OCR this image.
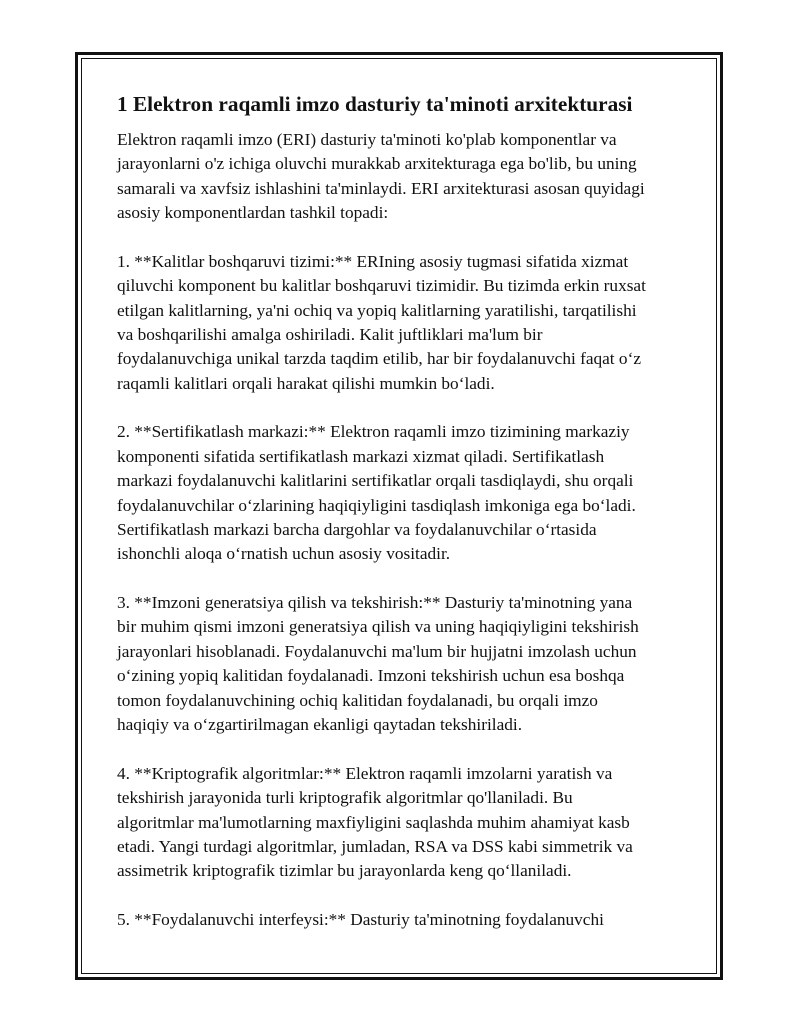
1 Elektron raqamli imzo dasturiy ta'minoti arxitekturasi
Elektron raqamli imzo (ERI) dasturiy ta'minoti ko'plab komponentlar va
jarayonlarni o'z ichiga oluvchi murakkab arxitekturaga ega bo'lib, bu uning
samarali va xavfsiz ishlashini ta'minlaydi. ERI arxitekturasi asosan quyidagi
asosiy komponentlardan tashkil topadi:
1. **Kalitlar boshqaruvi tizimi:** ERIning asosiy tugmasi sifatida xizmat
qiluvchi komponent bu kalitlar boshqaruvi tizimidir. Bu tizimda erkin ruxsat
etilgan kalitlarning, ya'ni ochiq va yopiq kalitlarning yaratilishi, tarqatilishi
va boshqarilishi amalga oshiriladi. Kalit juftliklari ma'lum bir
foydalanuvchiga unikal tarzda taqdim etilib, har bir foydalanuvchi faqat o‘z
raqamli kalitlari orqali harakat qilishi mumkin bo‘ladi.
2. **Sertifikatlash markazi:** Elektron raqamli imzo tizimining markaziy
komponenti sifatida sertifikatlash markazi xizmat qiladi. Sertifikatlash
markazi foydalanuvchi kalitlarini sertifikatlar orqali tasdiqlaydi, shu orqali
foydalanuvchilar o‘zlarining haqiqiyligini tasdiqlash imkoniga ega bo‘ladi.
Sertifikatlash markazi barcha dargohlar va foydalanuvchilar o‘rtasida
ishonchli aloqa o‘rnatish uchun asosiy vositadir.
3. **Imzoni generatsiya qilish va tekshirish:** Dasturiy ta'minotning yana
bir muhim qismi imzoni generatsiya qilish va uning haqiqiyligini tekshirish
jarayonlari hisoblanadi. Foydalanuvchi ma'lum bir hujjatni imzolash uchun
o‘zining yopiq kalitidan foydalanadi. Imzoni tekshirish uchun esa boshqa
tomon foydalanuvchining ochiq kalitidan foydalanadi, bu orqali imzo
haqiqiy va o‘zgartirilmagan ekanligi qaytadan tekshiriladi.
4. **Kriptografik algoritmlar:** Elektron raqamli imzolarni yaratish va
tekshirish jarayonida turli kriptografik algoritmlar qo'llaniladi. Bu
algoritmlar ma'lumotlarning maxfiyligini saqlashda muhim ahamiyat kasb
etadi. Yangi turdagi algoritmlar, jumladan, RSA va DSS kabi simmetrik va
assimetrik kriptografik tizimlar bu jarayonlarda keng qo‘llaniladi.
5. **Foydalanuvchi interfeysi:** Dasturiy ta'minotning foydalanuvchi
